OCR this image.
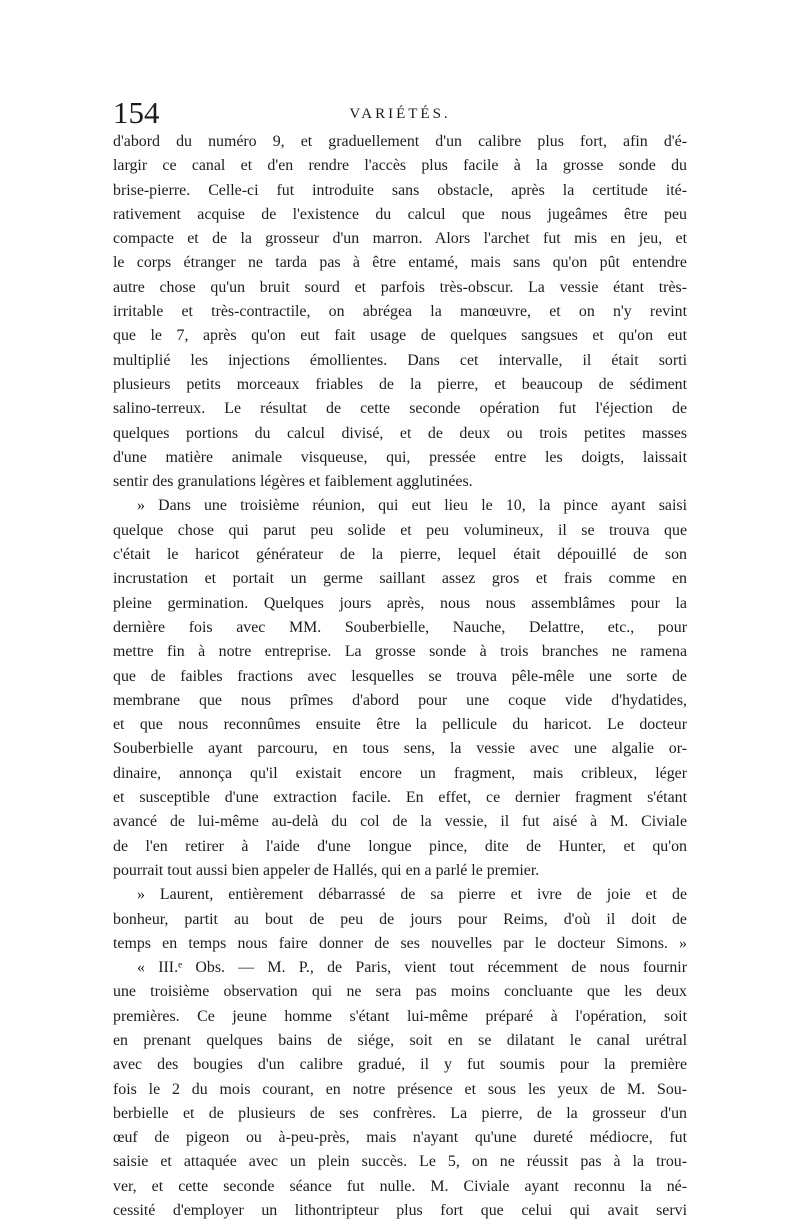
154	VARIÉTÉS.
d'abord du numéro 9, et graduellement d'un calibre plus fort, afin d'é-
largir ce canal et d'en rendre l'accès plus facile à la grosse sonde du
brise-pierre. Celle-ci fut introduite sans obstacle, après la certitude ité-
rativement acquise de l'existence du calcul que nous jugeâmes être peu
compacte et de la grosseur d'un marron. Alors l'archet fut mis en jeu, et
le corps étranger ne tarda pas à être entamé, mais sans qu'on pût entendre
autre chose qu'un bruit sourd et parfois très-obscur. La vessie étant très-
irritable et très-contractile, on abrégea la manœuvre, et on n'y revint
que le 7, après qu'on eut fait usage de quelques sangsues et qu'on eut
multiplié les injections émollientes. Dans cet intervalle, il était sorti
plusieurs petits morceaux friables de la pierre, et beaucoup de sédiment
salino-terreux. Le résultat de cette seconde opération fut l'éjection de
quelques portions du calcul divisé, et de deux ou trois petites masses
d'une matière animale visqueuse, qui, pressée entre les doigts, laissait
sentir des granulations légères et faiblement agglutinées.
» Dans une troisième réunion, qui eut lieu le 10, la pince ayant saisi
quelque chose qui parut peu solide et peu volumineux, il se trouva que
c'était le haricot générateur de la pierre, lequel était dépouillé de son
incrustation et portait un germe saillant assez gros et frais comme en
pleine germination. Quelques jours après, nous nous assemblâmes pour la
dernière fois avec MM. Souberbielle, Nauche, Delattre, etc., pour
mettre fin à notre entreprise. La grosse sonde à trois branches ne ramena
que de faibles fractions avec lesquelles se trouva pêle-mêle une sorte de
membrane que nous prîmes d'abord pour une coque vide d'hydatides,
et que nous reconnûmes ensuite être la pellicule du haricot. Le docteur
Souberbielle ayant parcouru, en tous sens, la vessie avec une algalie or-
dinaire, annonça qu'il existait encore un fragment, mais cribleux, léger
et susceptible d'une extraction facile. En effet, ce dernier fragment s'étant
avancé de lui-même au-delà du col de la vessie, il fut aisé à M. Civiale
de l'en retirer à l'aide d'une longue pince, dite de Hunter, et qu'on
pourrait tout aussi bien appeler de Hallés, qui en a parlé le premier.
» Laurent, entièrement débarrassé de sa pierre et ivre de joie et de
bonheur, partit au bout de peu de jours pour Reims, d'où il doit de
temps en temps nous faire donner de ses nouvelles par le docteur Simons. »
« III.ᵉ Obs. — M. P., de Paris, vient tout récemment de nous fournir
une troisième observation qui ne sera pas moins concluante que les deux
premières. Ce jeune homme s'étant lui-même préparé à l'opération, soit
en prenant quelques bains de siége, soit en se dilatant le canal urétral
avec des bougies d'un calibre gradué, il y fut soumis pour la première
fois le 2 du mois courant, en notre présence et sous les yeux de M. Sou-
berbielle et de plusieurs de ses confrères. La pierre, de la grosseur d'un
œuf de pigeon ou à-peu-près, mais n'ayant qu'une dureté médiocre, fut
saisie et attaquée avec un plein succès. Le 5, on ne réussit pas à la trou-
ver, et cette seconde séance fut nulle. M. Civiale ayant reconnu la né-
cessité d'employer un lithontripteur plus fort que celui qui avait servi
